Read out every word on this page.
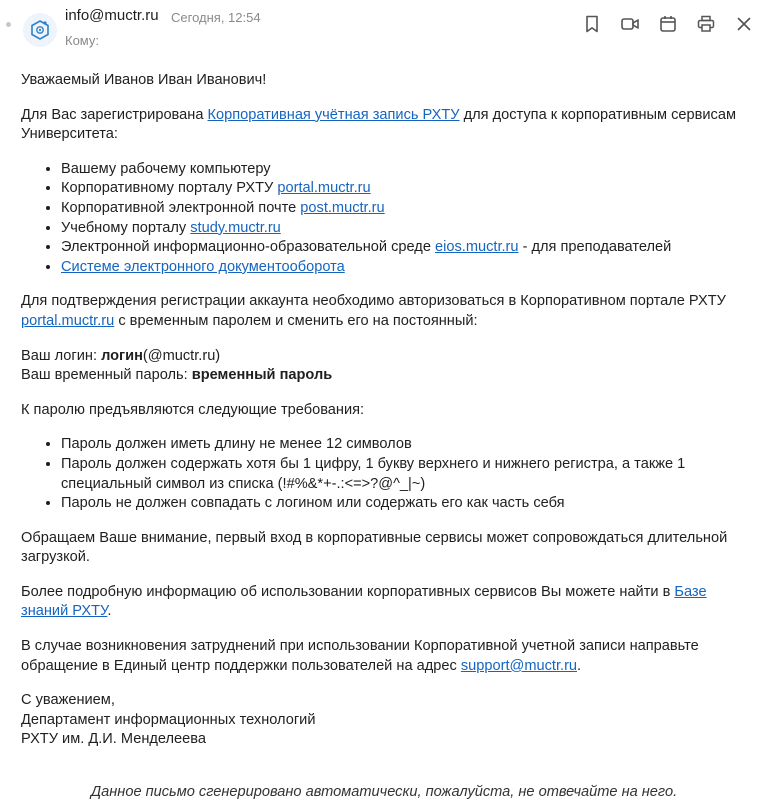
info@muctr.ru Сегодня, 12:54
Кому:

Уважаемый Иванов Иван Иванович!

Для Вас зарегистрирована Корпоративная учётная запись РХТУ для доступа к корпоративным сервисам Университета:

• Вашему рабочему компьютеру
• Корпоративному порталу РХТУ portal.muctr.ru
• Корпоративной электронной почте post.muctr.ru
• Учебному порталу study.muctr.ru
• Электронной информационно-образовательной среде eios.muctr.ru - для преподавателей
• Системе электронного документооборота

Для подтверждения регистрации аккаунта необходимо авторизоваться в Корпоративном портале РХТУ portal.muctr.ru с временным паролем и сменить его на постоянный:

Ваш логин: логин(@muctr.ru)
Ваш временный пароль: временный пароль

К паролю предъявляются следующие требования:

• Пароль должен иметь длину не менее 12 символов
• Пароль должен содержать хотя бы 1 цифру, 1 букву верхнего и нижнего регистра, а также 1 специальный символ из списка (!#%&*+-.:<=>?@^_|~)
• Пароль не должен совпадать с логином или содержать его как часть себя

Обращаем Ваше внимание, первый вход в корпоративные сервисы может сопровождаться длительной загрузкой.

Более подробную информацию об использовании корпоративных сервисов Вы можете найти в Базе знаний РХТУ.

В случае возникновения затруднений при использовании Корпоративной учетной записи направьте обращение в Единый центр поддержки пользователей на адрес support@muctr.ru.

С уважением,
Департамент информационных технологий
РХТУ им. Д.И. Менделеева

Данное письмо сгенерировано автоматически, пожалуйста, не отвечайте на него.
